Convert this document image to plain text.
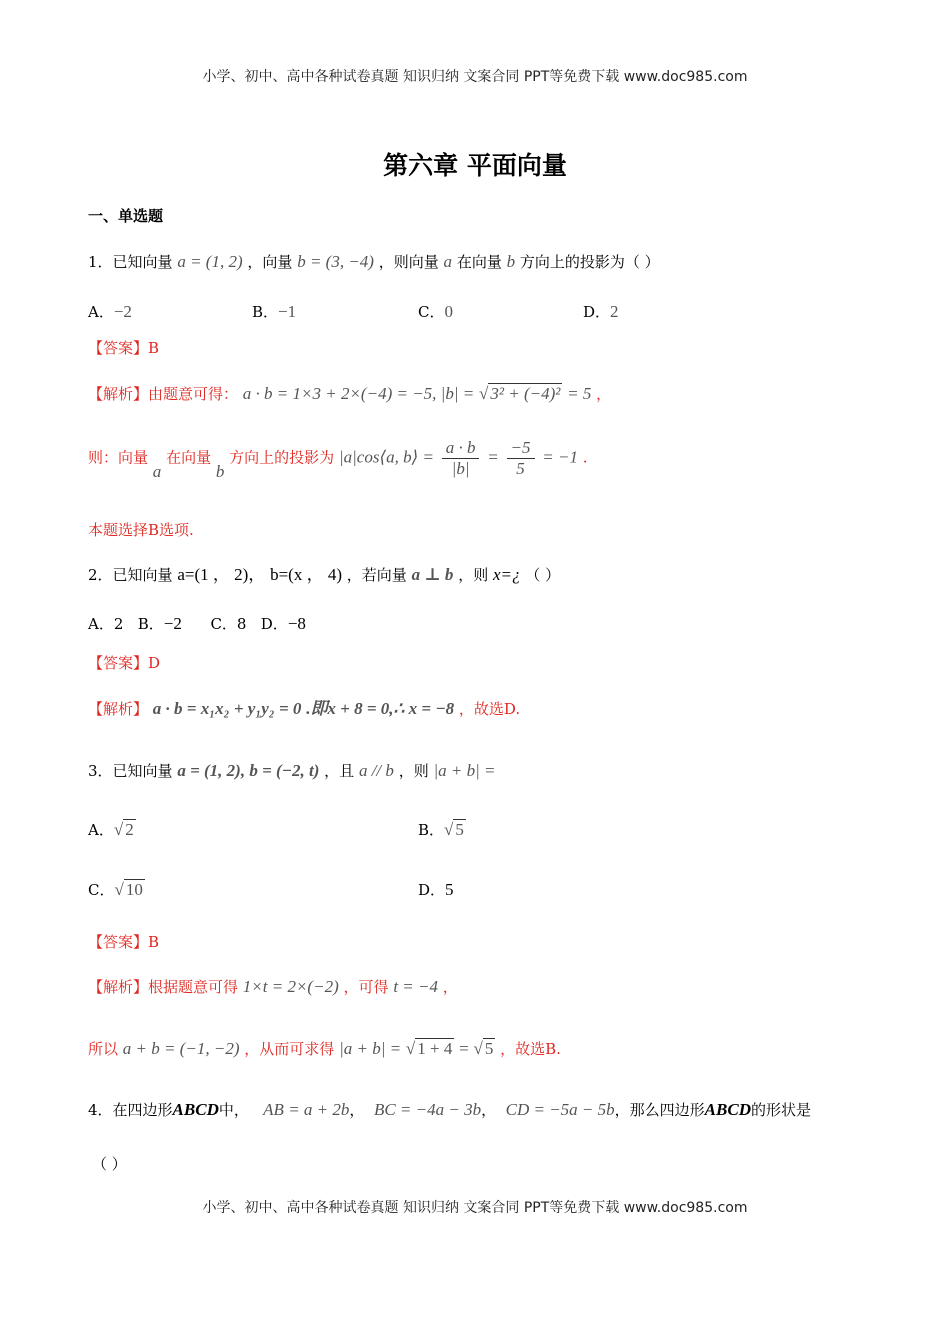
小学、初中、高中各种试卷真题 知识归纳 文案合同 PPT等免费下载 www.doc985.com
第六章 平面向量
一、单选题
1．已知向量 a = (1, 2) ，向量 b = (3, −4) ，则向量 a 在向量 b 方向上的投影为（ ）
A．−2	B．−1	C．0	D．2
【答案】B
【解析】由题意可得： a · b = 1×3 + 2×(−4) = −5, |b| = √ 3² + (−4)² = 5 ，
则：向量 a 在向量 b 方向上的投影为 |a|cos⟨a, b⟩ = $\frac{a \cdot b}{|b|} = \frac{-5}{5} = -1$ .
本题选择B选项.
2．已知向量 a=(1 ， 2)， b=(x ， 4) ，若向量 a ⊥ b ，则 x=¿ （ ）
A．2 B．−2 C．8 D．−8
【答案】D
【解析】 a · b = x₁x₂ + y₁y₂ = 0 .即x + 8 = 0,∴ x = −8 ，故选D.
3．已知向量 a = (1, 2), b = (−2, t) ，且 a // b ，则 |a + b| =
A．√ 2	B．√ 5
C．√ 10	D．5
【答案】B
【解析】根据题意可得 1×t = 2×(−2) ，可得 t = −4 ，
所以 a + b = (−1, −2) ，从而可求得 |a + b| = √ 1 + 4 = √ 5 ，故选B.
4．在四边形ABCD中， AB = a + 2b，  BC = −4a − 3b，  CD = −5a − 5b，那么四边形ABCD的形状是
（ ）
小学、初中、高中各种试卷真题 知识归纳 文案合同 PPT等免费下载 www.doc985.com
